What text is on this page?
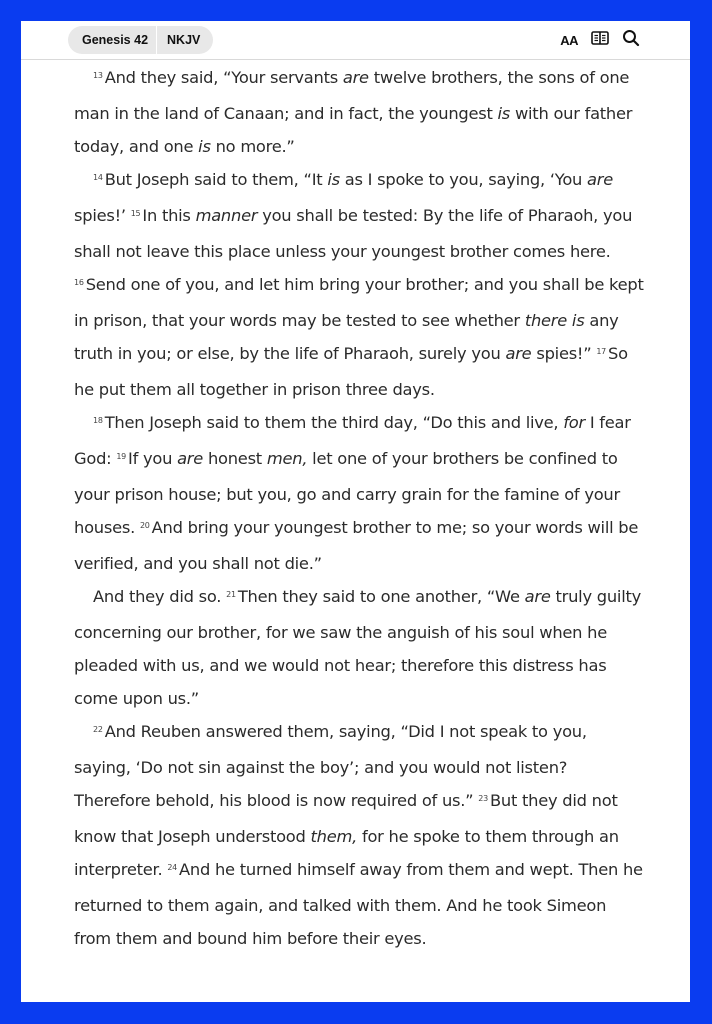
Genesis 42	NKJV	AA

$^{13}$ And they said, “Your servants are twelve brothers, the sons of one man in the land of Canaan; and in fact, the youngest is with our father today, and one is no more.”

$^{14}$ But Joseph said to them, “It is as I spoke to you, saying, ‘You are spies!’ $^{15}$ In this manner you shall be tested: By the life of Pharaoh, you shall not leave this place unless your youngest brother comes here. $^{16}$ Send one of you, and let him bring your brother; and you shall be kept in prison, that your words may be tested to see whether there is any truth in you; or else, by the life of Pharaoh, surely you are spies!” $^{17}$ So he put them all together in prison three days.

$^{18}$ Then Joseph said to them the third day, “Do this and live, for I fear God: $^{19}$ If you are honest men, let one of your brothers be confined to your prison house; but you, go and carry grain for the famine of your houses. $^{20}$ And bring your youngest brother to me; so your words will be verified, and you shall not die.”

And they did so. $^{21}$ Then they said to one another, “We are truly guilty concerning our brother, for we saw the anguish of his soul when he pleaded with us, and we would not hear; therefore this distress has come upon us.”

$^{22}$ And Reuben answered them, saying, “Did I not speak to you, saying, ‘Do not sin against the boy’; and you would not listen? Therefore behold, his blood is now required of us.” $^{23}$ But they did not know that Joseph understood them, for he spoke to them through an interpreter. $^{24}$ And he turned himself away from them and wept. Then he returned to them again, and talked with them. And he took Simeon from them and bound him before their eyes.
